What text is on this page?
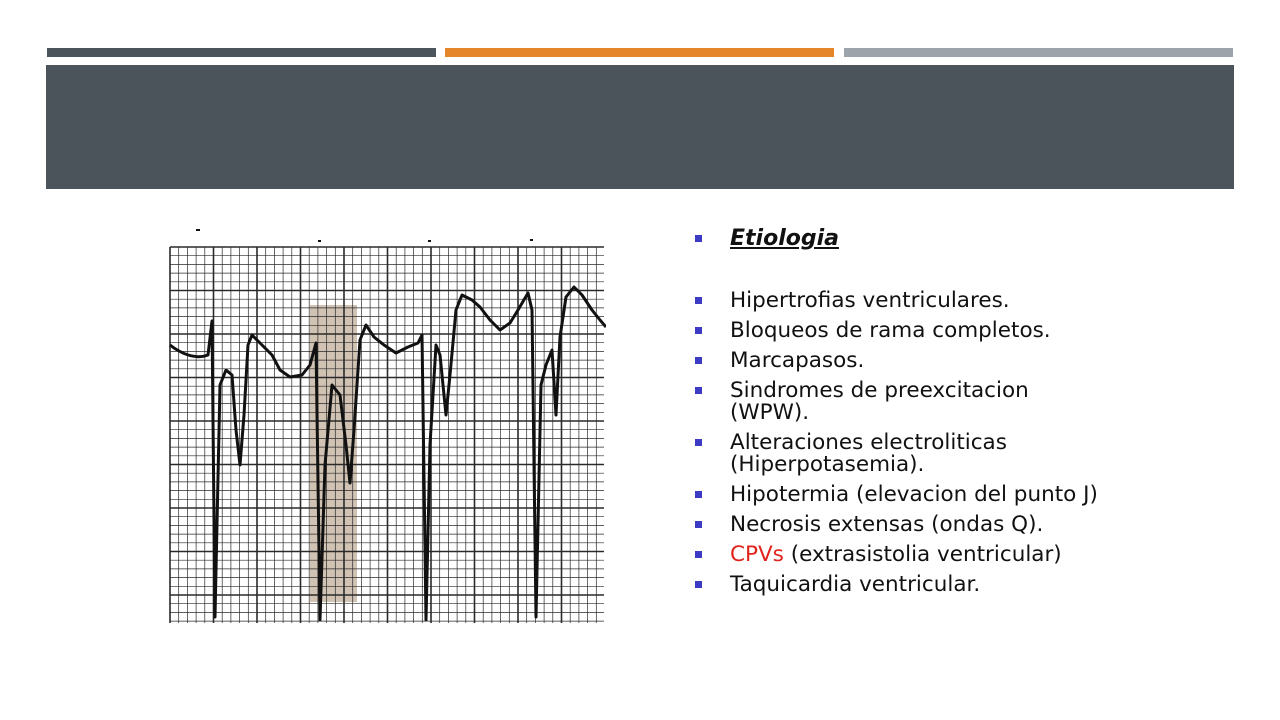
Etiologia
Hipertrofias ventriculares.
Bloqueos de rama completos.
Marcapasos.
Sindromes de preexcitacion (WPW).
Alteraciones electroliticas (Hiperpotasemia).
Hipotermia (elevacion del punto J)
Necrosis extensas (ondas Q).
CPVs (extrasistolia ventricular)
Taquicardia ventricular.
